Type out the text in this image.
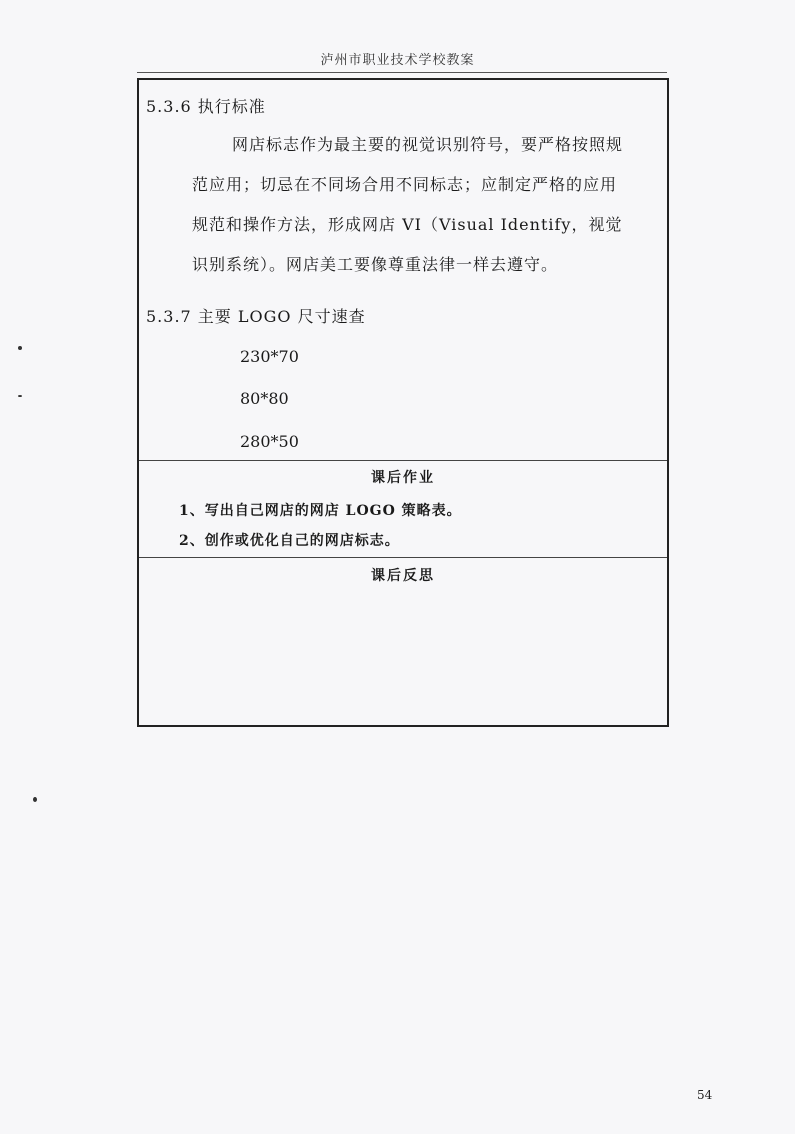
泸州市职业技术学校教案
5.3.6 执行标准
网店标志作为最主要的视觉识别符号，要严格按照规
范应用；切忌在不同场合用不同标志；应制定严格的应用
规范和操作方法，形成网店 VI（Visual Identify，视觉
识别系统）。网店美工要像尊重法律一样去遵守。
5.3.7 主要 LOGO 尺寸速查
230*70
80*80
280*50
课后作业
1、写出自己网店的网店 LOGO 策略表。
2、创作或优化自己的网店标志。
课后反思
54
